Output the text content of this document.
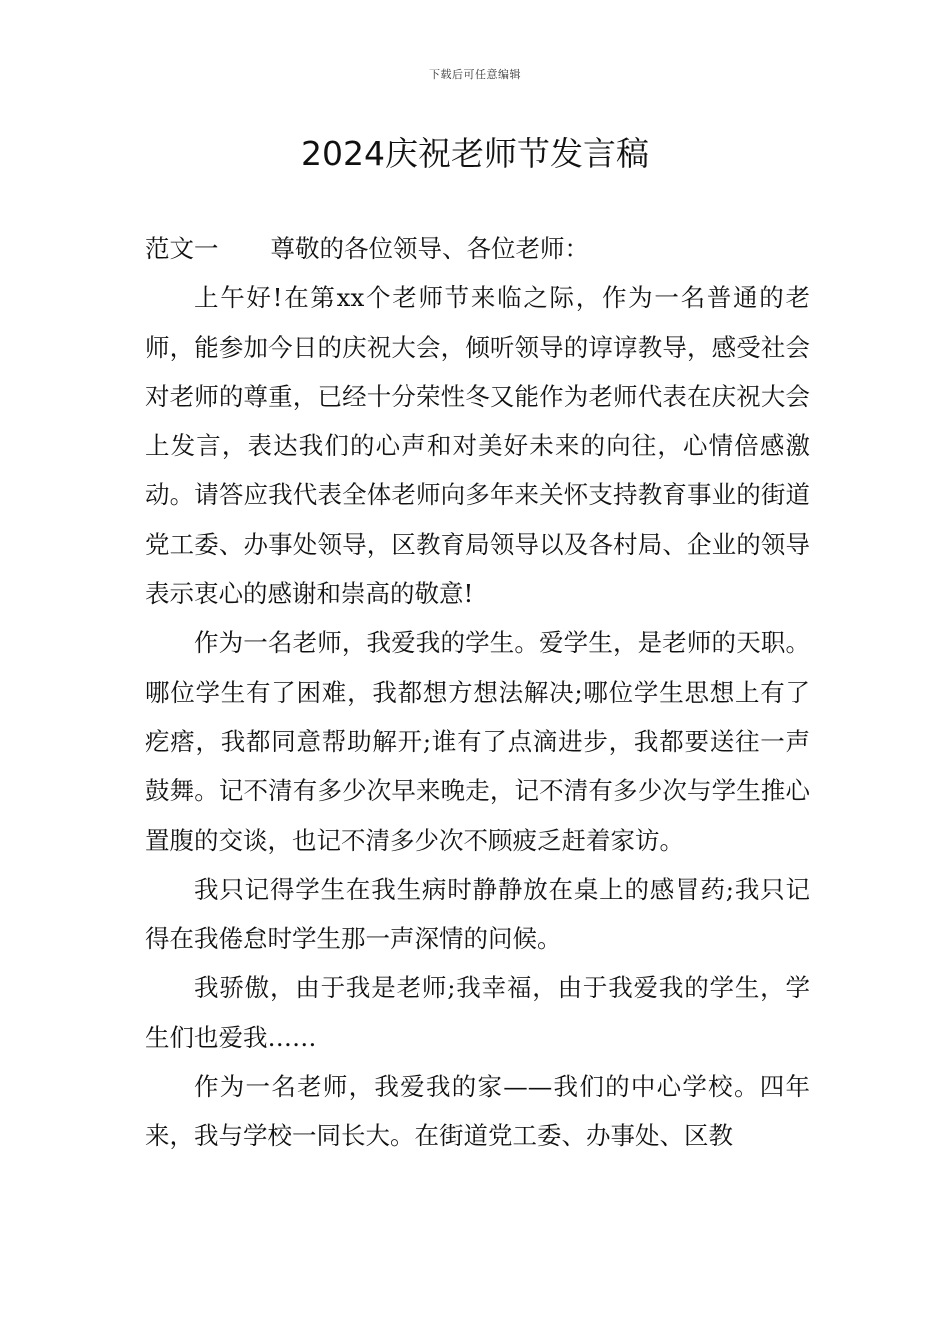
下载后可任意编辑
2024庆祝老师节发言稿

范文一 尊敬的各位领导、各位老师：

上午好!在第xx个老师节来临之际，作为一名普通的老师，能参加今日的庆祝大会，倾听领导的谆谆教导，感受社会对老师的尊重，已经十分荣性冬又能作为老师代表在庆祝大会上发言，表达我们的心声和对美好未来的向往，心情倍感激动。请答应我代表全体老师向多年来关怀支持教育事业的街道党工委、办事处领导，区教育局领导以及各村局、企业的领导表示衷心的感谢和崇高的敬意!

作为一名老师，我爱我的学生。爱学生，是老师的天职。哪位学生有了困难，我都想方想法解决;哪位学生思想上有了疙瘩，我都同意帮助解开;谁有了点滴进步，我都要送往一声鼓舞。记不清有多少次早来晚走，记不清有多少次与学生推心置腹的交谈，也记不清多少次不顾疲乏赶着家访。

我只记得学生在我生病时静静放在桌上的感冒药;我只记得在我倦怠时学生那一声深情的问候。

我骄傲，由于我是老师;我幸福，由于我爱我的学生，学生们也爱我……

作为一名老师，我爱我的家——我们的中心学校。四年来，我与学校一同长大。在街道党工委、办事处、区教
